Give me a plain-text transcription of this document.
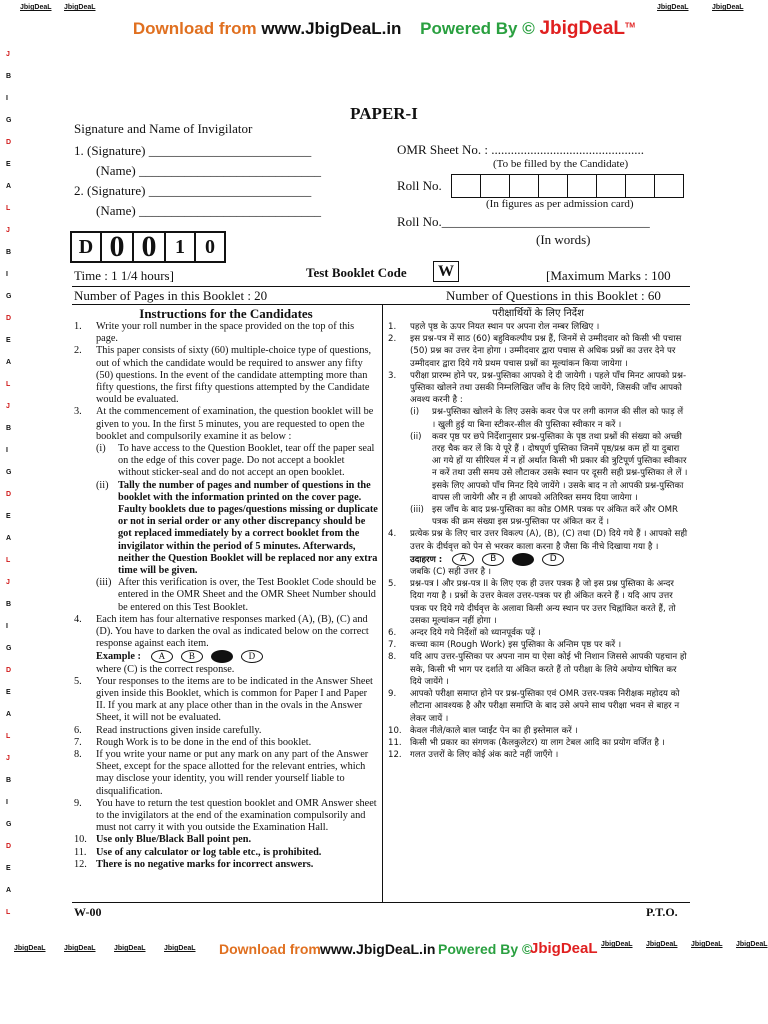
JbigDeaL JbigDeaL	JbigDeaL	JbigDeaL
Download from www.JbigDeaL.in Powered By © JbigDeaL™
J
B
I
G
D
E
A
L
J
B
I
G
D
E
A
L
J
B
I
G
D
E
A
L
J
B
I
G
D
E
A
L
J
B
I
G
D
E
A
L
PAPER-I
Signature and Name of Invigilator
1. (Signature) _________________________
(Name) ____________________________
2. (Signature) _________________________
(Name) ____________________________
OMR Sheet No. : ...............................................
(To be filled by the Candidate)
Roll No.
(In figures as per admission card)
Roll No.________________________________
(In words)
D 0 0 1	0
Time : 1 1/4 hours]	Test Booklet Code	W	[Maximum Marks : 100
Number of Pages in this Booklet : 20	Number of Questions in this Booklet : 60
Instructions for the Candidates
1. Write your roll number in the space provided on the top of this page.
2. This paper consists of sixty (60) multiple-choice type of questions, out of which the candidate would be required to answer any fifty (50) questions. In the event of the candidate attempting more than fifty questions, the first fifty questions attempted by the Candidate would be evaluated.
3. At the commencement of examination, the question booklet will be given to you. In the first 5 minutes, you are requested to open the booklet and compulsorily examine it as below :
(i) To have access to the Question Booklet, tear off the paper seal on the edge of this cover page. Do not accept a booklet without sticker-seal and do not accept an open booklet.
(ii) Tally the number of pages and number of questions in the booklet with the information printed on the cover page. Faulty booklets due to pages/questions missing or duplicate or not in serial order or any other discrepancy should be got replaced immediately by a correct booklet from the invigilator within the period of 5 minutes. Afterwards, neither the Question Booklet will be replaced nor any extra time will be given.
(iii) After this verification is over, the Test Booklet Code should be entered in the OMR Sheet and the OMR Sheet Number should be entered on this Test Booklet.
4. Each item has four alternative responses marked (A), (B), (C) and (D). You have to darken the oval as indicated below on the correct response against each item.
Example : A	B	D
where (C) is the correct response.
5. Your responses to the items are to be indicated in the Answer Sheet given inside this Booklet, which is common for Paper I and Paper II. If you mark at any place other than in the ovals in the Answer Sheet, it will not be evaluated.
6. Read instructions given inside carefully.
7. Rough Work is to be done in the end of this booklet.
8. If you write your name or put any mark on any part of the Answer Sheet, except for the space allotted for the relevant entries, which may disclose your identity, you will render yourself liable to disqualification.
9. You have to return the test question booklet and OMR Answer sheet to the invigilators at the end of the examination compulsorily and must not carry it with you outside the Examination Hall.
10. Use only Blue/Black Ball point pen.
11. Use of any calculator or log table etc., is prohibited.
12. There is no negative marks for incorrect answers.
परीक्षार्थियों के लिए निर्देश
1. पहले पृष्ठ के ऊपर नियत स्थान पर अपना रोल नम्बर लिखिए ।
2. इस प्रश्न-पत्र में साठ (60) बहुविकल्पीय प्रश्न हैं, जिनमें से उम्मीदवार को किसी भी पचास (50) प्रश्न का उत्तर देना होगा । उम्मीदवार द्वारा पचास से अधिक प्रश्नों का उत्तर देने पर उम्मीदवार द्वारा दिये गये प्रथम पचास प्रश्नों का मूल्यांकन किया जायेगा ।
3. परीक्षा प्रारम्भ होने पर, प्रश्न-पुस्तिका आपको दे दी जायेगी । पहले पाँच मिनट आपको प्रश्न-पुस्तिका खोलने तथा उसकी निम्नलिखित जाँच के लिए दिये जायेंगे, जिसकी जाँच आपको अवश्य करनी है :
(i) प्रश्न-पुस्तिका खोलने के लिए उसके कवर पेज पर लगी कागज की सील को फाड़ लें । खुली हुई या बिना स्टीकर-सील की पुस्तिका स्वीकार न करें ।
(ii) कवर पृष्ठ पर छपे निर्देशानुसार प्रश्न-पुस्तिका के पृष्ठ तथा प्रश्नों की संख्या को अच्छी तरह चैक कर लें कि ये पूरे हैं । दोषपूर्ण पुस्तिका जिनमें पृष्ठ/प्रश्न कम हों या दुबारा आ गये हों या सीरियल में न हों अर्थात किसी भी प्रकार की त्रुटिपूर्ण पुस्तिका स्वीकार न करें तथा उसी समय उसे लौटाकर उसके स्थान पर दूसरी सही प्रश्न-पुस्तिका ले लें । इसके लिए आपको पाँच मिनट दिये जायेंगे । उसके बाद न तो आपकी प्रश्न-पुस्तिका वापस ली जायेगी और न ही आपको अतिरिक्त समय दिया जायेगा ।
(iii) इस जाँच के बाद प्रश्न-पुस्तिका का कोड OMR पत्रक पर अंकित करें और OMR पत्रक की क्रम संख्या इस प्रश्न-पुस्तिका पर अंकित कर दें ।
4. प्रत्येक प्रश्न के लिए चार उत्तर विकल्प (A), (B), (C) तथा (D) दिये गये हैं । आपको सही उत्तर के दीर्घवृत्त को पेन से भरकर काला करना है जैसा कि नीचे दिखाया गया है ।
उदाहरण : A	B	D
जबकि (C) सही उत्तर है ।
5. प्रश्न-पत्र I और प्रश्न-पत्र II के लिए एक ही उत्तर पत्रक है जो इस प्रश्न पुस्तिका के अन्दर दिया गया है । प्रश्नों के उत्तर केवल उत्तर-पत्रक पर ही अंकित करने हैं । यदि आप उत्तर पत्रक पर दिये गये दीर्घवृत्त के अलावा किसी अन्य स्थान पर उत्तर चिह्नांकित करते हैं, तो उसका मूल्यांकन नहीं होगा ।
6. अन्दर दिये गये निर्देशों को ध्यानपूर्वक पढ़ें ।
7. कच्चा काम (Rough Work) इस पुस्तिका के अन्तिम पृष्ठ पर करें ।
8. यदि आप उत्तर-पुस्तिका पर अपना नाम या ऐसा कोई भी निशान जिससे आपकी पहचान हो सके, किसी भी भाग पर दर्शाते या अंकित करते हैं तो परीक्षा के लिये अयोग्य घोषित कर दिये जायेंगे ।
9. आपको परीक्षा समाप्त होने पर प्रश्न-पुस्तिका एवं OMR उत्तर-पत्रक निरीक्षक महोदय को लौटाना आवश्यक है और परीक्षा समाप्ति के बाद उसे अपने साथ परीक्षा भवन से बाहर न लेकर जायें ।
10. केवल नीले/काले बाल प्वाईंट पेन का ही इस्तेमाल करें ।
11. किसी भी प्रकार का संगणक (कैलकुलेटर) या लाग टेबल आदि का प्रयोग वर्जित है ।
12. गलत उत्तरों के लिए कोई अंक काटे नहीं जाएँगे ।
W-00	P.T.O.
JbigDeaL	JbigDeaL	JbigDeaL	JbigDeaL Download from www.JbigDeaL.in Powered By ©
JbigDeaL JbigDeaL JbigDeaL JbigDeaL JbigDeaL
